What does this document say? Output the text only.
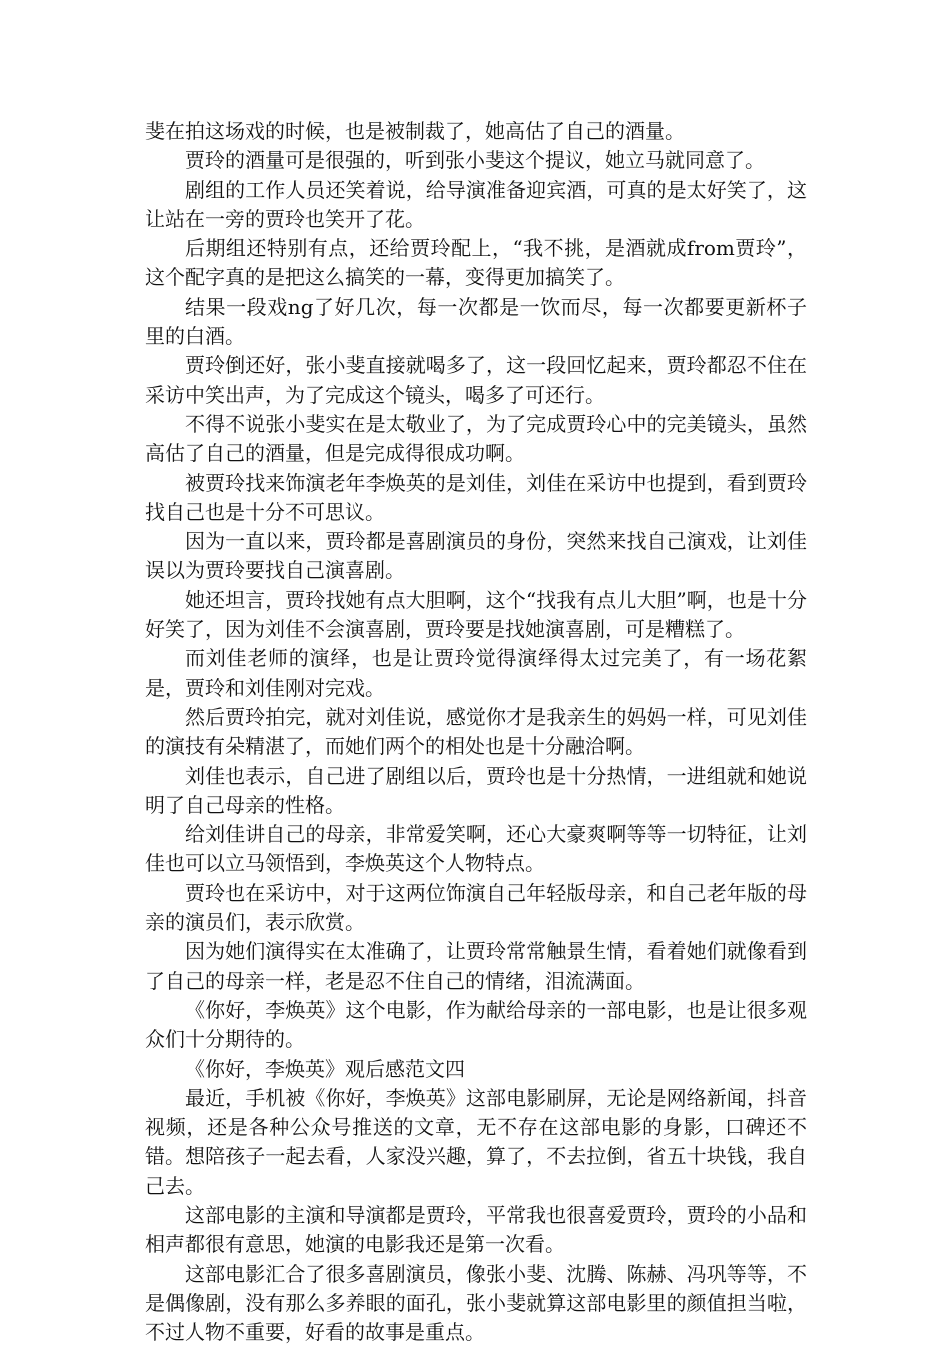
斐在拍这场戏的时候，也是被制裁了，她高估了自己的酒量。

贾玲的酒量可是很强的，听到张小斐这个提议，她立马就同意了。

剧组的工作人员还笑着说，给导演准备迎宾酒，可真的是太好笑了，这让站在一旁的贾玲也笑开了花。

后期组还特别有点，还给贾玲配上，“我不挑，是酒就成from贾玲”，这个配字真的是把这么搞笑的一幕，变得更加搞笑了。

结果一段戏ng了好几次，每一次都是一饮而尽，每一次都要更新杯子里的白酒。

贾玲倒还好，张小斐直接就喝多了，这一段回忆起来，贾玲都忍不住在采访中笑出声，为了完成这个镜头，喝多了可还行。

不得不说张小斐实在是太敬业了，为了完成贾玲心中的完美镜头，虽然高估了自己的酒量，但是完成得很成功啊。

被贾玲找来饰演老年李焕英的是刘佳，刘佳在采访中也提到，看到贾玲找自己也是十分不可思议。

因为一直以来，贾玲都是喜剧演员的身份，突然来找自己演戏，让刘佳误以为贾玲要找自己演喜剧。

她还坦言，贾玲找她有点大胆啊，这个“找我有点儿大胆”啊，也是十分好笑了，因为刘佳不会演喜剧，贾玲要是找她演喜剧，可是糟糕了。

而刘佳老师的演绎，也是让贾玲觉得演绎得太过完美了，有一场花絮是，贾玲和刘佳刚对完戏。

然后贾玲拍完，就对刘佳说，感觉你才是我亲生的妈妈一样，可见刘佳的演技有朵精湛了，而她们两个的相处也是十分融洽啊。

刘佳也表示，自己进了剧组以后，贾玲也是十分热情，一进组就和她说明了自己母亲的性格。

给刘佳讲自己的母亲，非常爱笑啊，还心大豪爽啊等等一切特征，让刘佳也可以立马领悟到，李焕英这个人物特点。

贾玲也在采访中，对于这两位饰演自己年轻版母亲，和自己老年版的母亲的演员们，表示欣赏。

因为她们演得实在太准确了，让贾玲常常触景生情，看着她们就像看到了自己的母亲一样，老是忍不住自己的情绪，泪流满面。

《你好，李焕英》这个电影，作为献给母亲的一部电影，也是让很多观众们十分期待的。

《你好，李焕英》观后感范文四

最近，手机被《你好，李焕英》这部电影刷屏，无论是网络新闻，抖音视频，还是各种公众号推送的文章，无不存在这部电影的身影，口碑还不错。想陪孩子一起去看，人家没兴趣，算了，不去拉倒，省五十块钱，我自己去。

这部电影的主演和导演都是贾玲，平常我也很喜爱贾玲，贾玲的小品和相声都很有意思，她演的电影我还是第一次看。

这部电影汇合了很多喜剧演员，像张小斐、沈腾、陈赫、冯巩等等，不是偶像剧，没有那么多养眼的面孔，张小斐就算这部电影里的颜值担当啦，不过人物不重要，好看的故事是重点。
